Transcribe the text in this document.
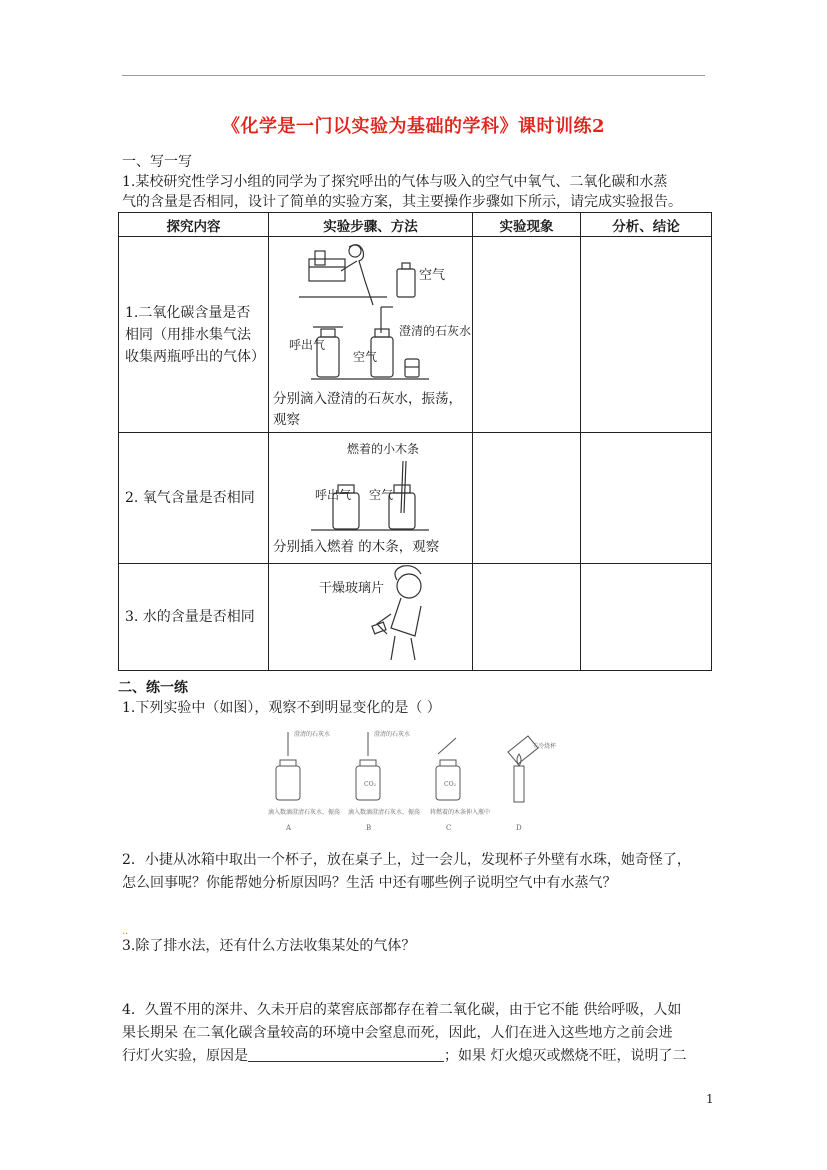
《化学是一门以实验为基础的学科》课时训练2
一、写一写
1.某校研究性学习小组的同学为了探究呼出的气体与吸入的空气中氧气、二氧化碳和水蒸
气的含量是否相同，设计了简单的实验方案，其主要操作步骤如下所示，请完成实验报告。
探究内容	实验步骤、方法	实验现象	分析、结论
1.二氧化碳含量是否相同（用排水集气法收集两瓶呼出的气体）	空气
呼出气
空气
澄清的石灰水
分别滴入澄清的石灰水，振荡，观察		

2. 氧气含量是否相同	燃着的小木条
呼出气 空气
分别插入燃着 的木条，观察		

3. 水的含量是否相同	干燥玻璃片		

二、练一练
1.下列实验中（如图），观察不到明显变化的是（ ）
澄清的石灰水	澄清的石灰水
CO₂	CO₂
干冷烧杯
滴入数滴澄清石灰水、振荡 滴入数滴澄清石灰水、振荡 将燃着的木条伸入瓶中
A	B	C	D
2．小捷从冰箱中取出一个杯子，放在桌子上，过一会儿，发现杯子外壁有水珠，她奇怪了，
怎么回事呢？你能帮她分析原因吗？生活 中还有哪些例子说明空气中有水蒸气？
..
3.除了排水法，还有什么方法收集某处的气体？
4．久置不用的深井、久未开启的菜窖底部都存在着二氧化碳，由于它不能 供给呼吸，人如
果长期呆 在二氧化碳含量较高的环境中会窒息而死，因此，人们在进入这些地方之前会进
行灯火实验，原因是	；如果 灯火熄灭或燃烧不旺，说明了二
1
